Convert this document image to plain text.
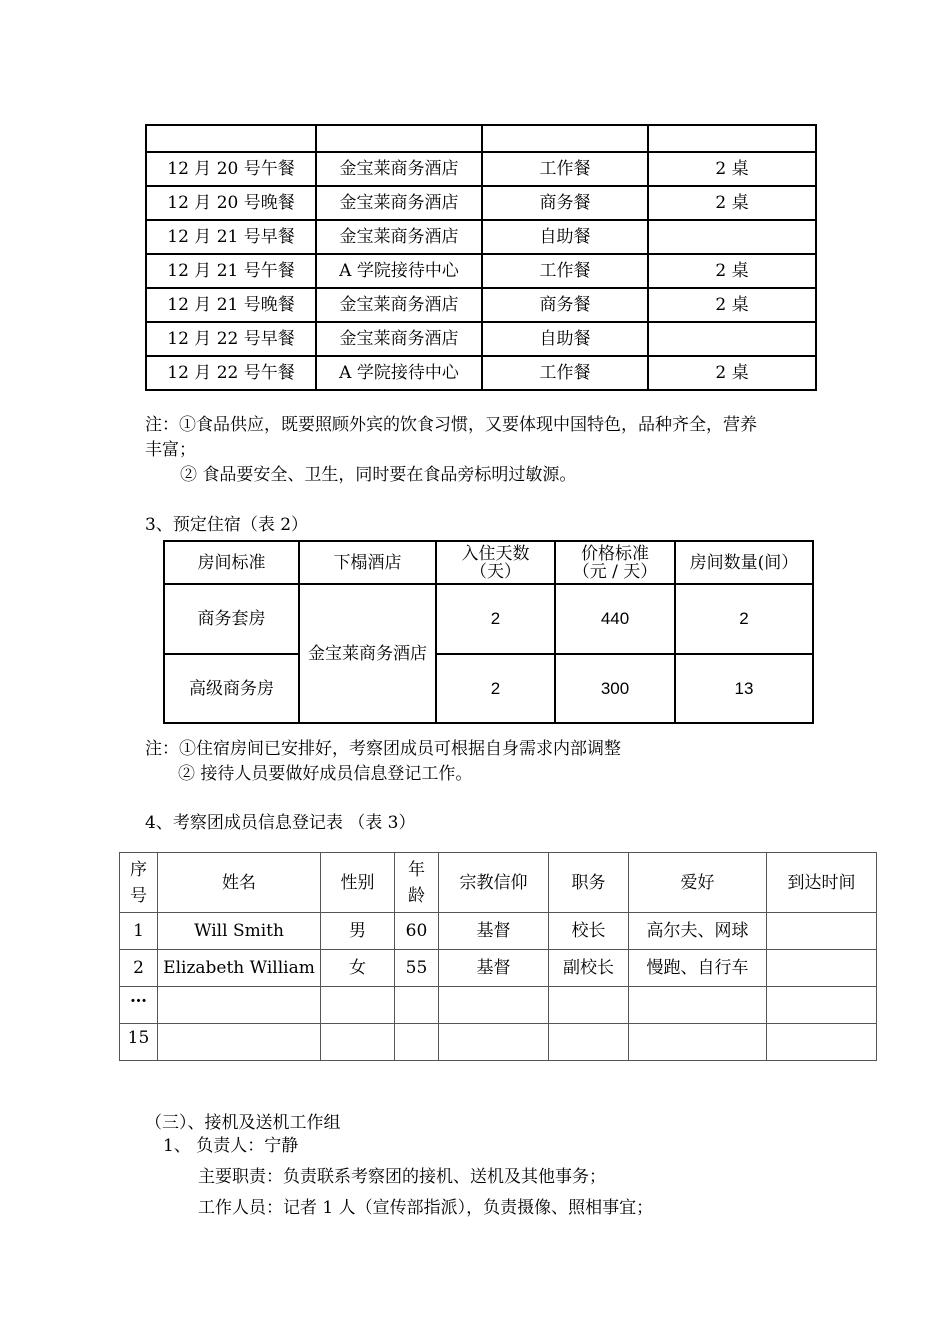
12 月 20 号午餐	金宝莱商务酒店	工作餐	2 桌
12 月 20 号晚餐	金宝莱商务酒店	商务餐	2 桌
12 月 21 号早餐	金宝莱商务酒店	自助餐	
12 月 21 号午餐	A 学院接待中心	工作餐	2 桌
12 月 21 号晚餐	金宝莱商务酒店	商务餐	2 桌
12 月 22 号早餐	金宝莱商务酒店	自助餐	
12 月 22 号午餐	A 学院接待中心	工作餐	2 桌
注：①食品供应，既要照顾外宾的饮食习惯，又要体现中国特色，品种齐全，营养
丰富；
② 食品要安全、卫生，同时要在食品旁标明过敏源。
3、预定住宿（表 2）
房间标准	下榻酒店	入住天数（天）	价格标准（元 / 天）	房间数量(间）
商务套房	金宝莱商务酒店	2	440	2
高级商务房		2	300	13
注：①住宿房间已安排好，考察团成员可根据自身需求内部调整
② 接待人员要做好成员信息登记工作。
4、考察团成员信息登记表 （表 3）
序号	姓名	性别	年龄	宗教信仰	职务	爱好	到达时间
1	Will Smith	男	60	基督	校长	高尔夫、网球	
2	Elizabeth William	女	55	基督	副校长	慢跑、自行车	
…							
15							
（三）、接机及送机工作组
1、 负责人：宁静
主要职责：负责联系考察团的接机、送机及其他事务；
工作人员：记者 1 人（宣传部指派），负责摄像、照相事宜；
